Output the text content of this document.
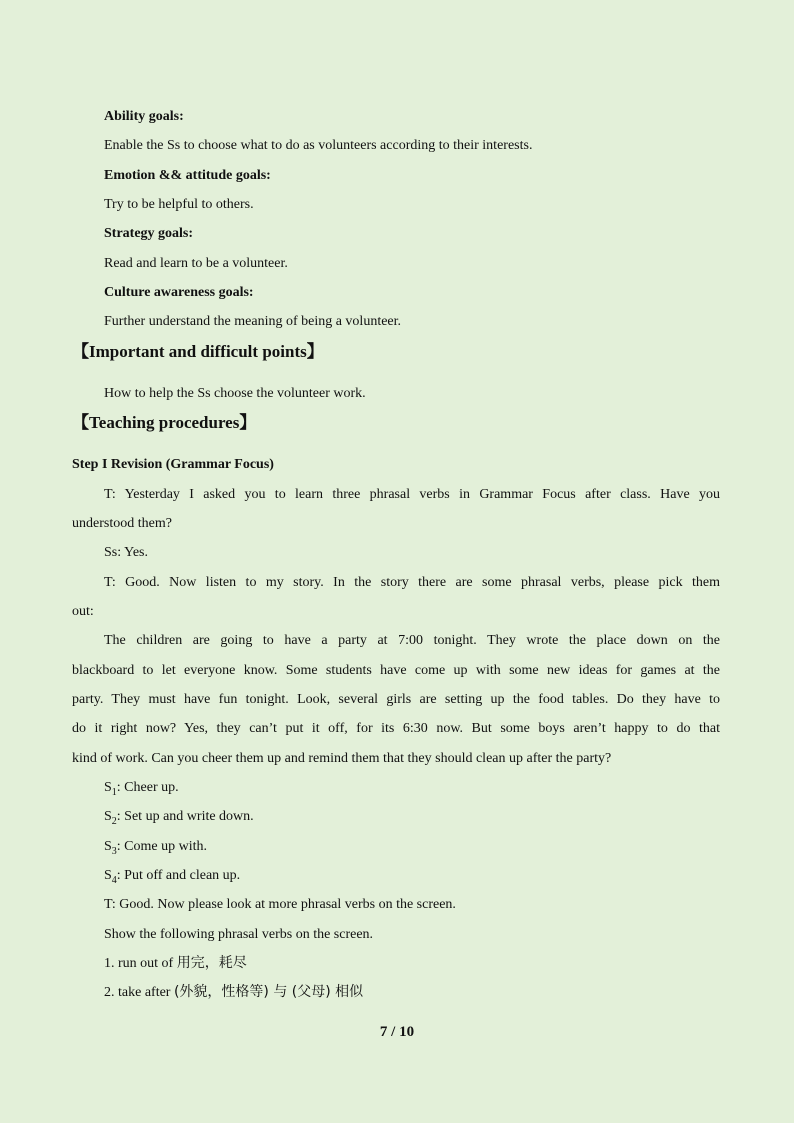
Ability goals:
Enable the Ss to choose what to do as volunteers according to their interests.
Emotion && attitude goals:
Try to be helpful to others.
Strategy goals:
Read and learn to be a volunteer.
Culture awareness goals:
Further understand the meaning of being a volunteer.
【Important and difficult points】
How to help the Ss choose the volunteer work.
【Teaching procedures】
Step I Revision (Grammar Focus)
T: Yesterday I asked you to learn three phrasal verbs in Grammar Focus after class. Have you
understood them?
Ss: Yes.
T: Good. Now listen to my story. In the story there are some phrasal verbs, please pick them
out:
The children are going to have a party at 7:00 tonight. They wrote the place down on the
blackboard to let everyone know. Some students have come up with some new ideas for games at the
party. They must have fun tonight. Look, several girls are setting up the food tables. Do they have to
do it right now? Yes, they can’t put it off, for its 6:30 now. But some boys aren’t happy to do that
kind of work. Can you cheer them up and remind them that they should clean up after the party?
$S_1$: Cheer up.
$S_2$: Set up and write down.
$S_3$: Come up with.
$S_4$: Put off and clean up.
T: Good. Now please look at more phrasal verbs on the screen.
Show the following phrasal verbs on the screen.
1. run out of 用完，耗尽
2. take after (外貌，性格等) 与 (父母) 相似
7 / 10
